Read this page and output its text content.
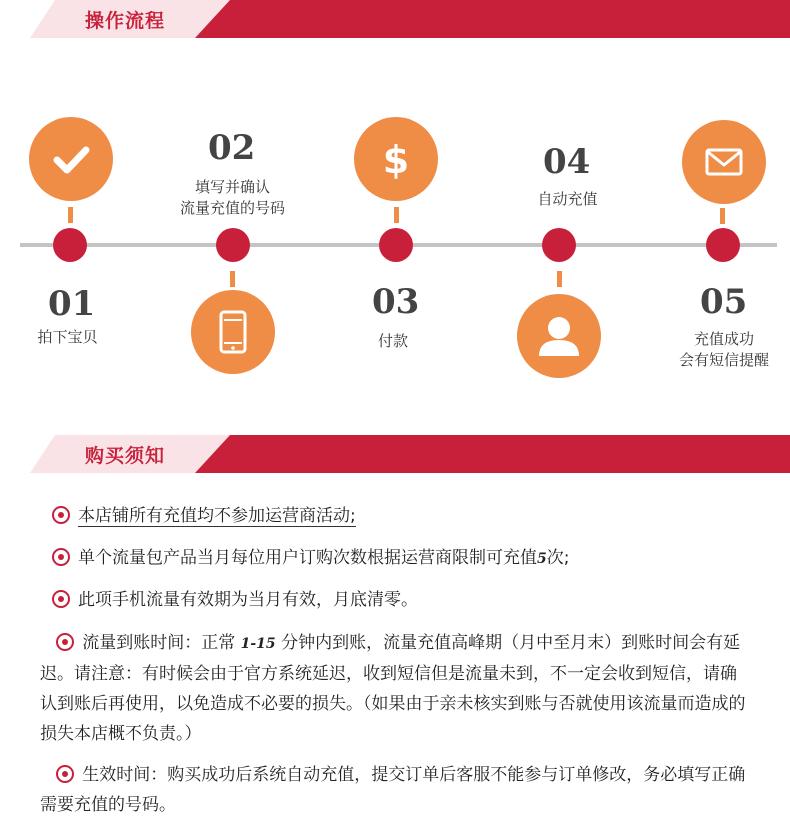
操作流程
01
拍下宝贝
02
填写并确认
流量充值的号码
$
03
付款
04
自动充值
05
充值成功
会有短信提醒
购买须知
本店铺所有充值均不参加运营商活动;
单个流量包产品当月每位用户订购次数根据运营商限制可充值5次;
此项手机流量有效期为当月有效，月底清零。
流量到账时间：正常 1-15 分钟内到账，流量充值高峰期（月中至月末）到账时间会有延迟。请注意：有时候会由于官方系统延迟，收到短信但是流量未到，不一定会收到短信，请确认到账后再使用，以免造成不必要的损失。（如果由于亲未核实到账与否就使用该流量而造成的损失本店概不负责。）
生效时间：购买成功后系统自动充值，提交订单后客服不能参与订单修改，务必填写正确需要充值的号码。
